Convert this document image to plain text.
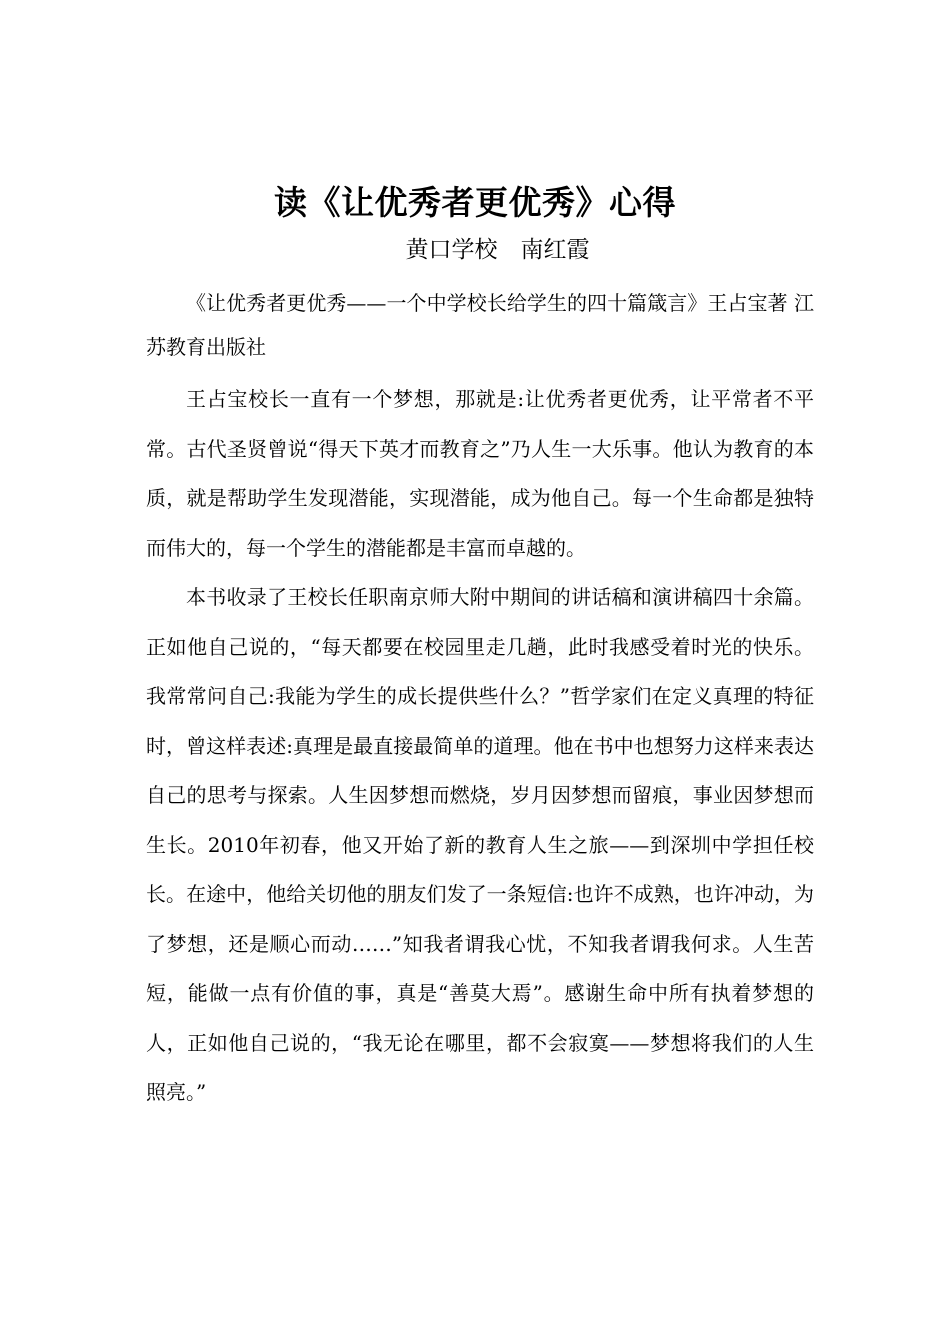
读《让优秀者更优秀》心得
黄口学校　南红霞

《让优秀者更优秀——一个中学校长给学生的四十篇箴言》王占宝著 江苏教育出版社

王占宝校长一直有一个梦想，那就是:让优秀者更优秀，让平常者不平常。古代圣贤曾说“得天下英才而教育之”乃人生一大乐事。他认为教育的本质，就是帮助学生发现潜能，实现潜能，成为他自己。每一个生命都是独特而伟大的，每一个学生的潜能都是丰富而卓越的。

本书收录了王校长任职南京师大附中期间的讲话稿和演讲稿四十余篇。正如他自己说的，“每天都要在校园里走几趟，此时我感受着时光的快乐。我常常问自己:我能为学生的成长提供些什么？”哲学家们在定义真理的特征时，曾这样表述:真理是最直接最简单的道理。他在书中也想努力这样来表达自己的思考与探索。人生因梦想而燃烧，岁月因梦想而留痕，事业因梦想而生长。2010年初春，他又开始了新的教育人生之旅——到深圳中学担任校长。在途中，他给关切他的朋友们发了一条短信:也许不成熟，也许冲动，为了梦想，还是顺心而动……”知我者谓我心忧，不知我者谓我何求。人生苦短，能做一点有价值的事，真是“善莫大焉”。感谢生命中所有执着梦想的人，正如他自己说的，“我无论在哪里，都不会寂寞——梦想将我们的人生照亮。”
